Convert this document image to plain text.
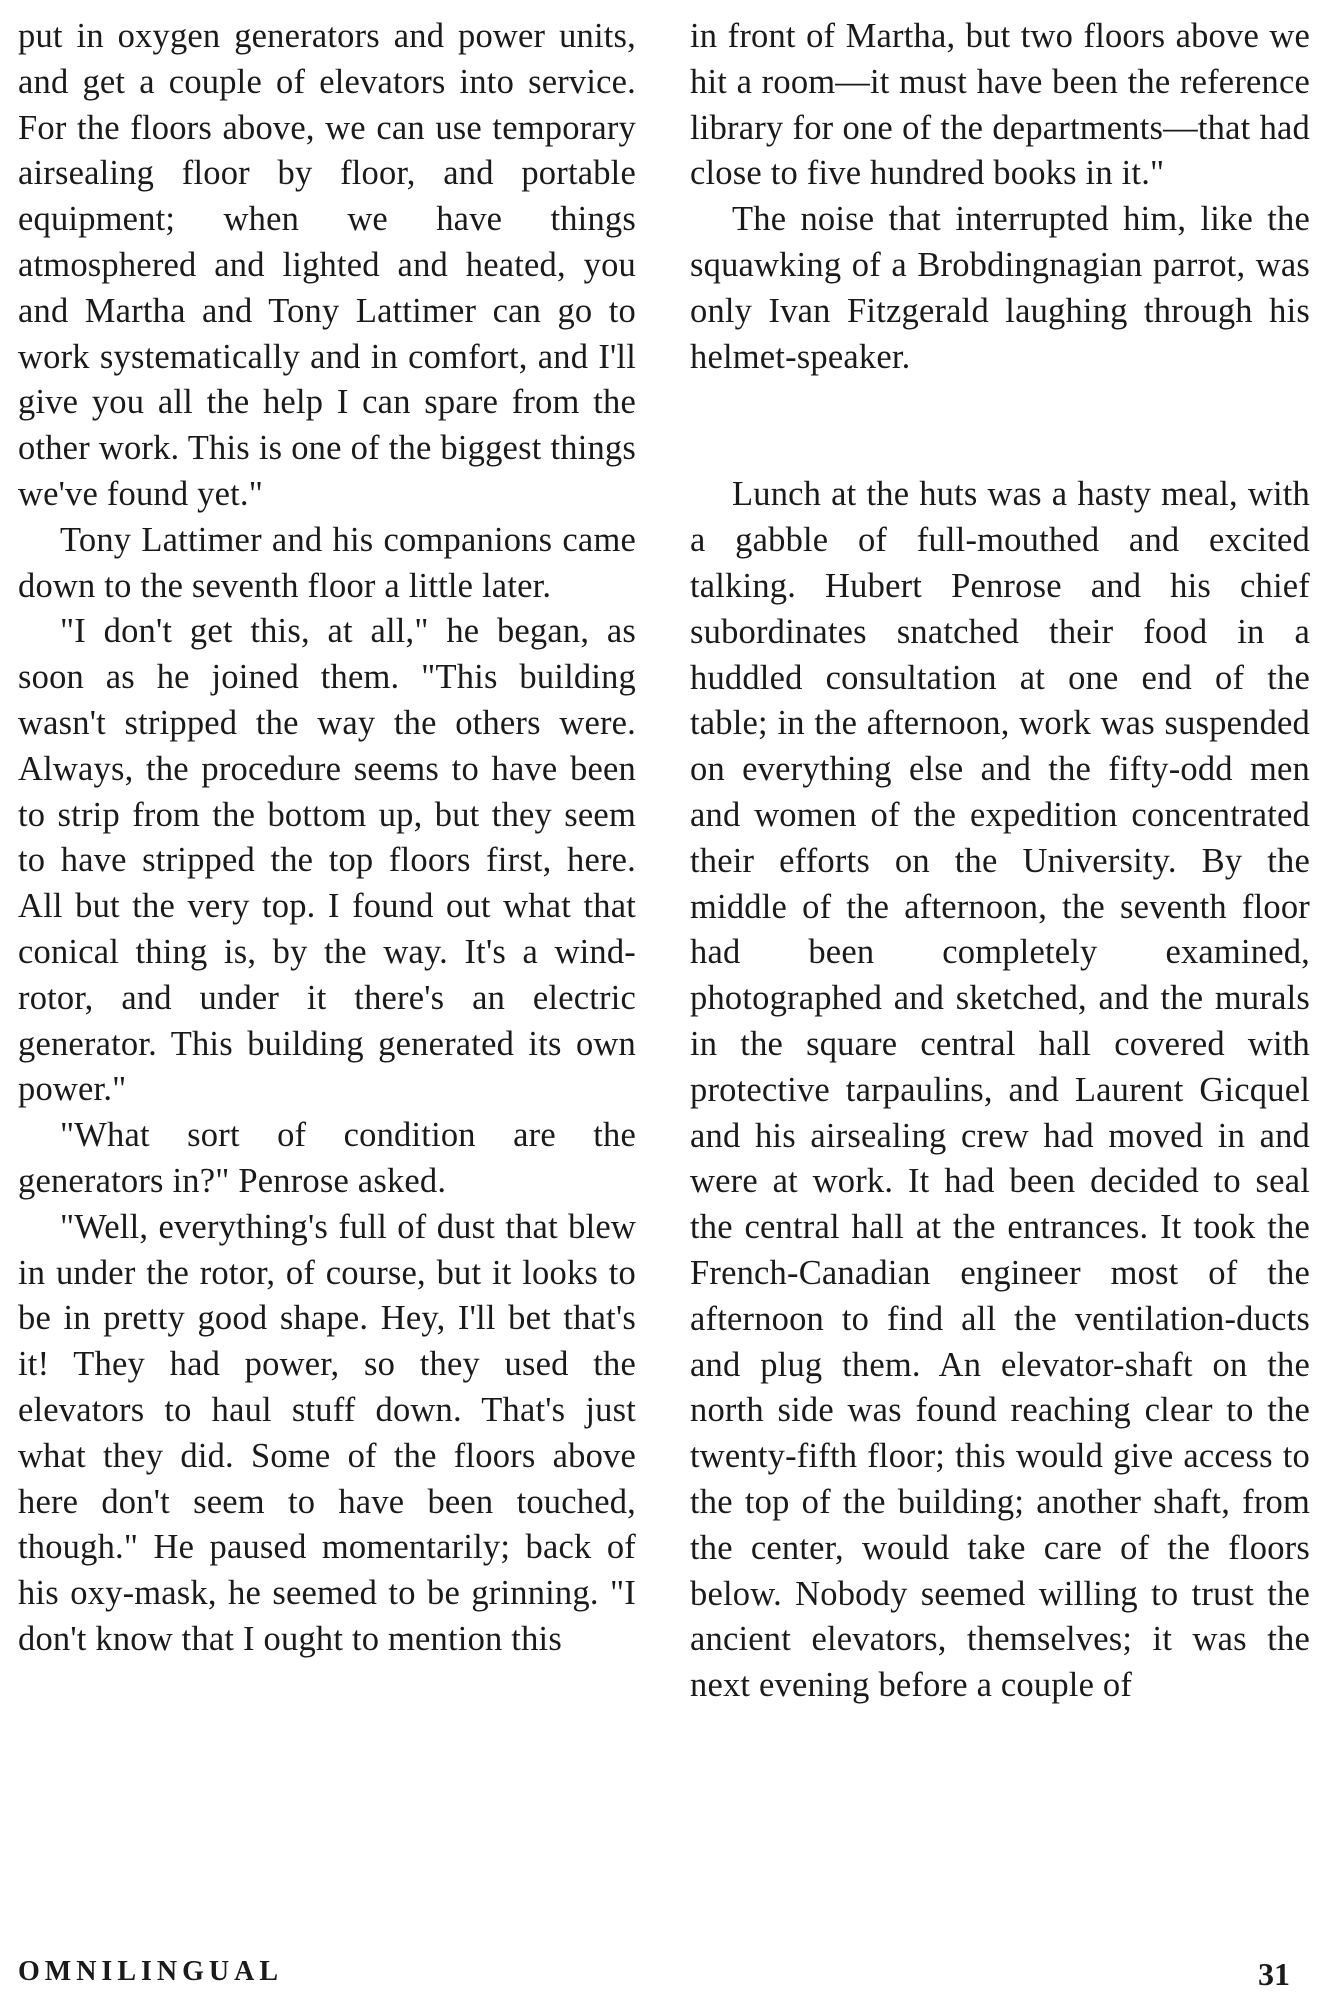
put in oxygen generators and power units, and get a couple of elevators into service. For the floors above, we can use temporary airsealing floor by floor, and portable equipment; when we have things atmosphered and lighted and heated, you and Martha and Tony Lattimer can go to work systematically and in comfort, and I'll give you all the help I can spare from the other work. This is one of the biggest things we've found yet."

Tony Lattimer and his companions came down to the seventh floor a little later.

"I don't get this, at all," he began, as soon as he joined them. "This building wasn't stripped the way the others were. Always, the procedure seems to have been to strip from the bottom up, but they seem to have stripped the top floors first, here. All but the very top. I found out what that conical thing is, by the way. It's a wind-rotor, and under it there's an electric generator. This building generated its own power."

"What sort of condition are the generators in?" Penrose asked.

"Well, everything's full of dust that blew in under the rotor, of course, but it looks to be in pretty good shape. Hey, I'll bet that's it! They had power, so they used the elevators to haul stuff down. That's just what they did. Some of the floors above here don't seem to have been touched, though." He paused momentarily; back of his oxy-mask, he seemed to be grinning. "I don't know that I ought to mention this

in front of Martha, but two floors above we hit a room—it must have been the reference library for one of the departments—that had close to five hundred books in it."

The noise that interrupted him, like the squawking of a Brobdingnagian parrot, was only Ivan Fitzgerald laughing through his helmet-speaker.

Lunch at the huts was a hasty meal, with a gabble of full-mouthed and excited talking. Hubert Penrose and his chief subordinates snatched their food in a huddled consultation at one end of the table; in the afternoon, work was suspended on everything else and the fifty-odd men and women of the expedition concentrated their efforts on the University. By the middle of the afternoon, the seventh floor had been completely examined, photographed and sketched, and the murals in the square central hall covered with protective tarpaulins, and Laurent Gicquel and his airsealing crew had moved in and were at work. It had been decided to seal the central hall at the entrances. It took the French-Canadian engineer most of the afternoon to find all the ventilation-ducts and plug them. An elevator-shaft on the north side was found reaching clear to the twenty-fifth floor; this would give access to the top of the building; another shaft, from the center, would take care of the floors below. Nobody seemed willing to trust the ancient elevators, themselves; it was the next evening before a couple of

OMNILINGUAL	31
